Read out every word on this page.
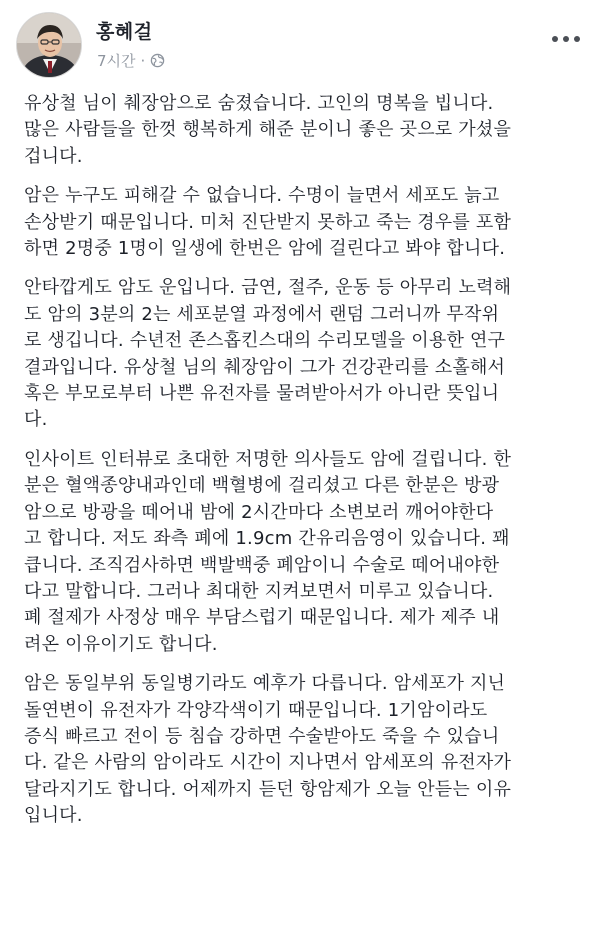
홍혜걸
7시간 ·
유상철 님이 췌장암으로 숨졌습니다. 고인의 명복을 빕니다.
많은 사람들을 한껏 행복하게 해준 분이니 좋은 곳으로 가셨을
겁니다.
암은 누구도 피해갈 수 없습니다. 수명이 늘면서 세포도 늙고
손상받기 때문입니다. 미처 진단받지 못하고 죽는 경우를 포함
하면 2명중 1명이 일생에 한번은 암에 걸린다고 봐야 합니다.
안타깝게도 암도 운입니다. 금연, 절주, 운동 등 아무리 노력해
도 암의 3분의 2는 세포분열 과정에서 랜덤 그러니까 무작위
로 생깁니다. 수년전 존스홉킨스대의 수리모델을 이용한 연구
결과입니다. 유상철 님의 췌장암이 그가 건강관리를 소홀해서
혹은 부모로부터 나쁜 유전자를 물려받아서가 아니란 뜻입니
다.
인사이트 인터뷰로 초대한 저명한 의사들도 암에 걸립니다. 한
분은 혈액종양내과인데 백혈병에 걸리셨고 다른 한분은 방광
암으로 방광을 떼어내 밤에 2시간마다 소변보러 깨어야한다
고 합니다. 저도 좌측 폐에 1.9cm 간유리음영이 있습니다. 꽤
큽니다. 조직검사하면 백발백중 폐암이니 수술로 떼어내야한
다고 말합니다. 그러나 최대한 지켜보면서 미루고 있습니다.
폐 절제가 사정상 매우 부담스럽기 때문입니다. 제가 제주 내
려온 이유이기도 합니다.
암은 동일부위 동일병기라도 예후가 다릅니다. 암세포가 지닌
돌연변이 유전자가 각양각색이기 때문입니다. 1기암이라도
증식 빠르고 전이 등 침습 강하면 수술받아도 죽을 수 있습니
다. 같은 사람의 암이라도 시간이 지나면서 암세포의 유전자가
달라지기도 합니다. 어제까지 듣던 항암제가 오늘 안듣는 이유
입니다.
